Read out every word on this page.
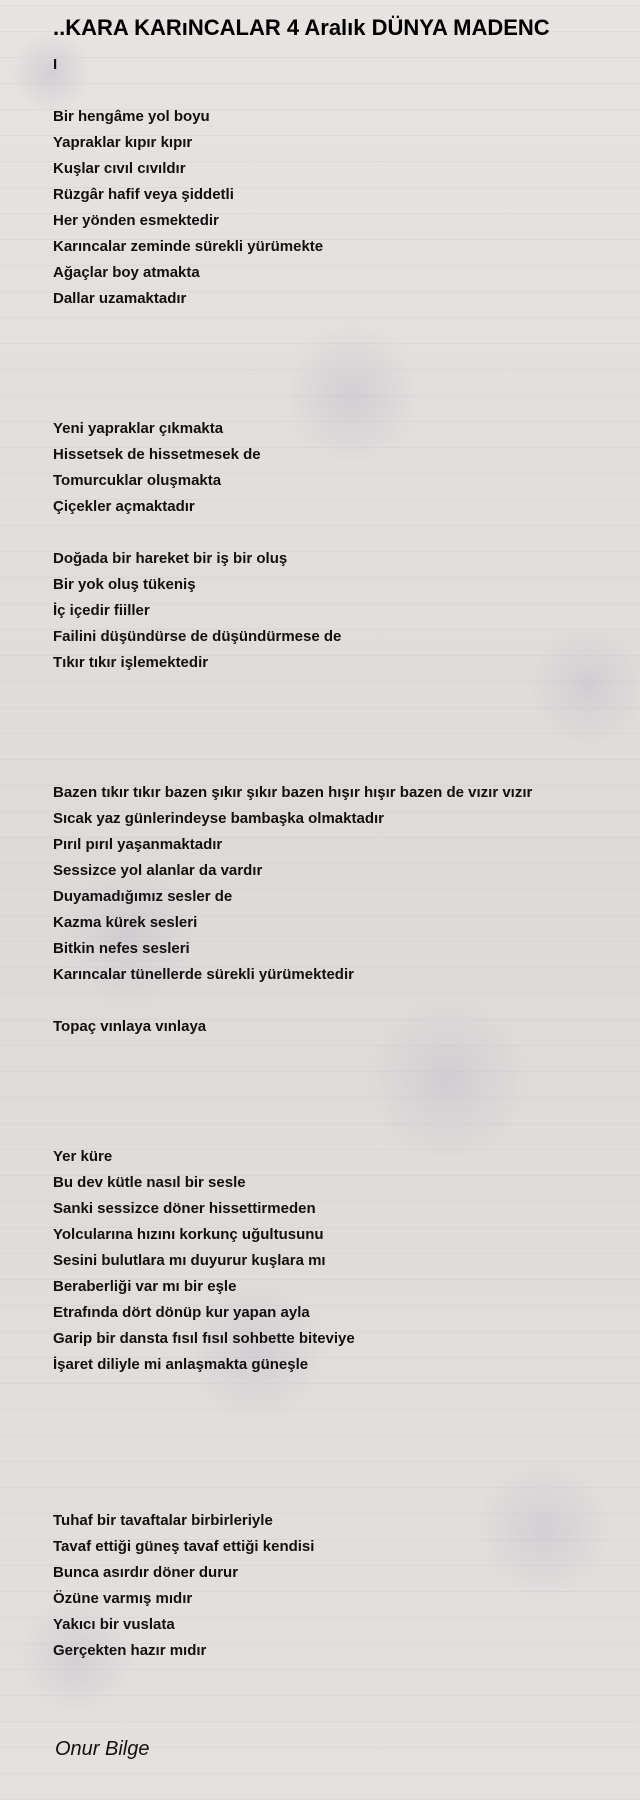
..KARA KARıNCALAR 4 Aralık DÜNYA MADENC
I
Bir hengâme yol boyu
Yapraklar kıpır kıpır
Kuşlar cıvıl cıvıldır
Rüzgâr hafif veya şiddetli
Her yönden esmektedir
Karıncalar zeminde sürekli yürümekte
Ağaçlar boy atmakta
Dallar uzamaktadır
Yeni yapraklar çıkmakta
Hissetsek de hissetmesek de
Tomurcuklar oluşmakta
Çiçekler açmaktadır
Doğada bir hareket bir iş bir oluş
Bir yok oluş tükeniş
İç içedir fiiller
Failini düşündürse de düşündürmese de
Tıkır tıkır işlemektedir
Bazen tıkır tıkır bazen şıkır şıkır bazen hışır hışır bazen de vızır vızır
Sıcak yaz günlerindeyse bambaşka olmaktadır
Pırıl pırıl yaşanmaktadır
Sessizce yol alanlar da vardır
Duyamadığımız sesler de
Kazma kürek sesleri
Bitkin nefes sesleri
Karıncalar tünellerde sürekli yürümektedir
Topaç vınlaya vınlaya
Yer küre
Bu dev kütle nasıl bir sesle
Sanki sessizce döner hissettirmeden
Yolcularına hızını korkunç uğultusunu
Sesini bulutlara mı duyurur kuşlara mı
Beraberliği var mı bir eşle
Etrafında dört dönüp kur yapan ayla
Garip bir dansta fısıl fısıl sohbette biteviye
İşaret diliyle mi anlaşmakta güneşle
Tuhaf bir tavaftalar birbirleriyle
Tavaf ettiği güneş tavaf ettiği kendisi
Bunca asırdır döner durur
Özüne varmış mıdır
Yakıcı bir vuslata
Gerçekten hazır mıdır
Onur Bilge
